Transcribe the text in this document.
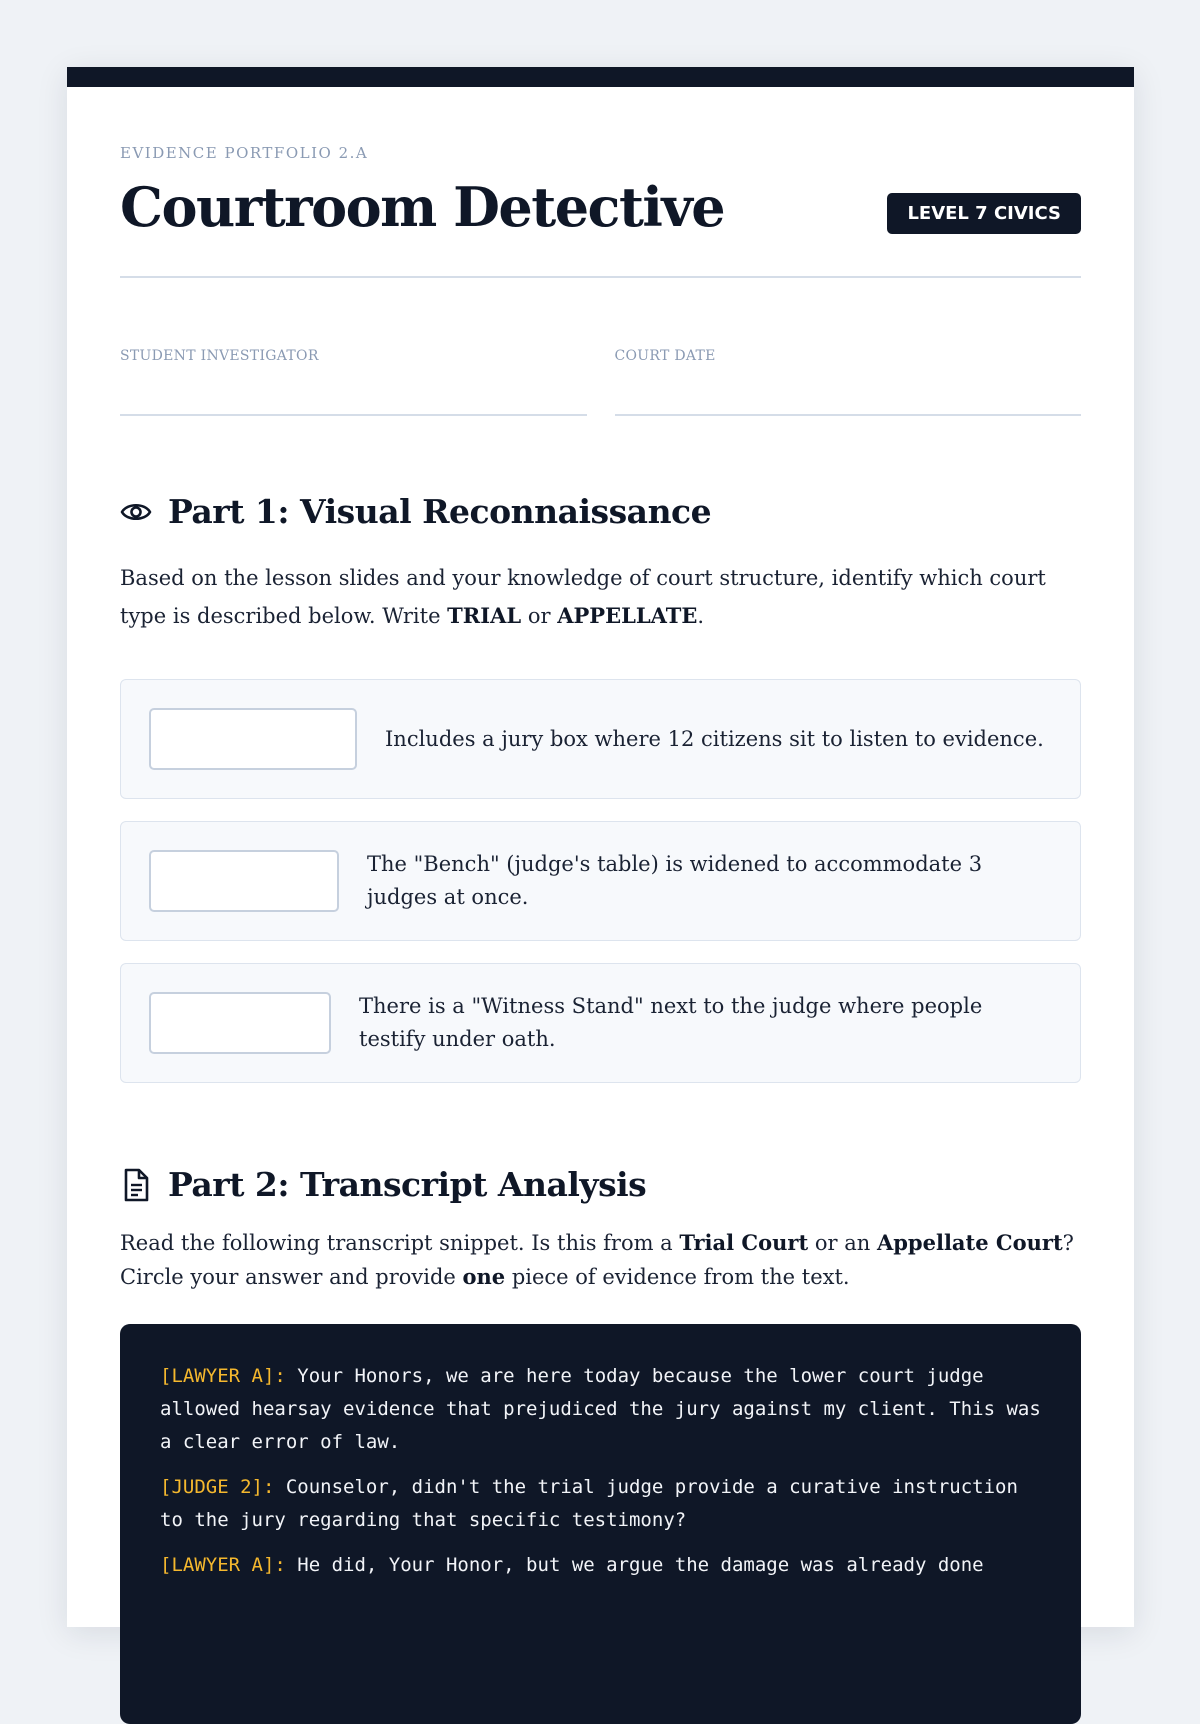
EVIDENCE PORTFOLIO 2.A
Courtroom Detective	LEVEL 7 CIVICS
STUDENT INVESTIGATOR	COURT DATE
Part 1: Visual Reconnaissance

Based on the lesson slides and your knowledge of court structure, identify which court type is described below. Write TRIAL or APPELLATE.

Includes a jury box where 12 citizens sit to listen to evidence.
The "Bench" (judge's table) is widened to accommodate 3 judges at once.
There is a "Witness Stand" next to the judge where people testify under oath.
Part 2: Transcript Analysis

Read the following transcript snippet. Is this from a Trial Court or an Appellate Court? Circle your answer and provide one piece of evidence from the text.

[LAWYER A]: Your Honors, we are here today because the lower court judge allowed hearsay evidence that prejudiced the jury against my client. This was a clear error of law.
[JUDGE 2]: Counselor, didn't the trial judge provide a curative instruction to the jury regarding that specific testimony?
[LAWYER A]: He did, Your Honor, but we argue the damage was already done
